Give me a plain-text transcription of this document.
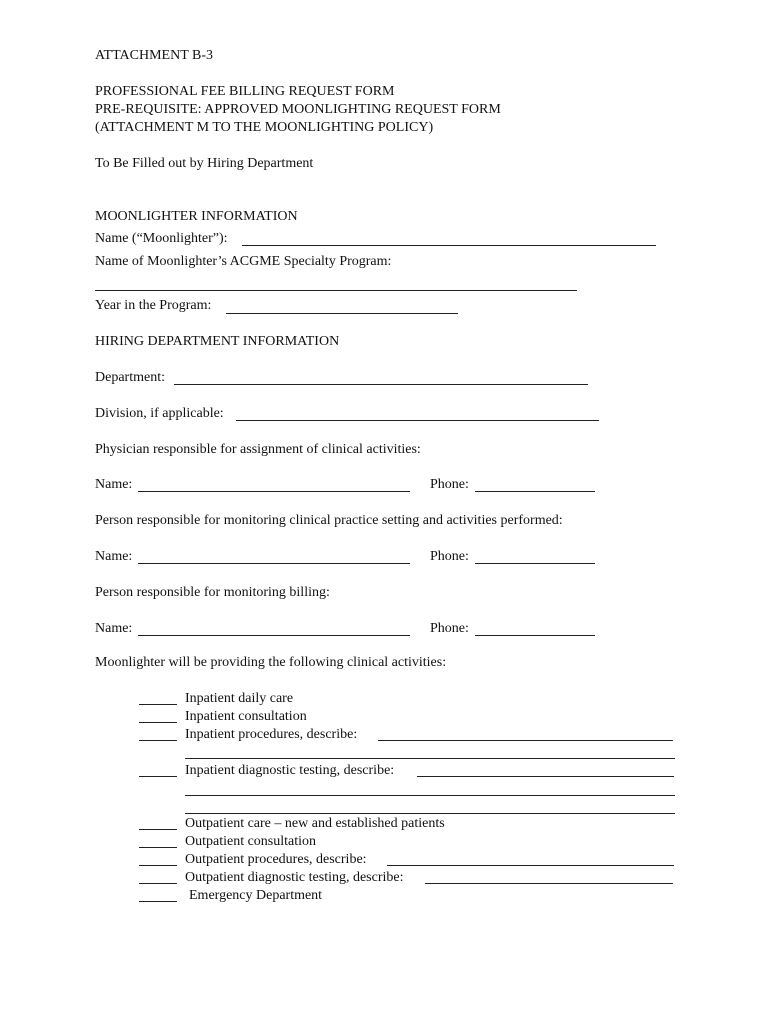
ATTACHMENT B-3
PROFESSIONAL FEE BILLING REQUEST FORM
PRE-REQUISITE: APPROVED MOONLIGHTING REQUEST FORM
(ATTACHMENT M TO THE MOONLIGHTING POLICY)
To Be Filled out by Hiring Department
MOONLIGHTER INFORMATION
Name (“Moonlighter”):
Name of Moonlighter’s ACGME Specialty Program:
Year in the Program:
HIRING DEPARTMENT INFORMATION
Department:
Division, if applicable:
Physician responsible for assignment of clinical activities:
Name:	Phone:
Person responsible for monitoring clinical practice setting and activities performed:
Name:	Phone:
Person responsible for monitoring billing:
Name:	Phone:
Moonlighter will be providing the following clinical activities:
Inpatient daily care
Inpatient consultation
Inpatient procedures, describe:
Inpatient diagnostic testing, describe:
Outpatient care – new and established patients
Outpatient consultation
Outpatient procedures, describe:
Outpatient diagnostic testing, describe:
Emergency Department
